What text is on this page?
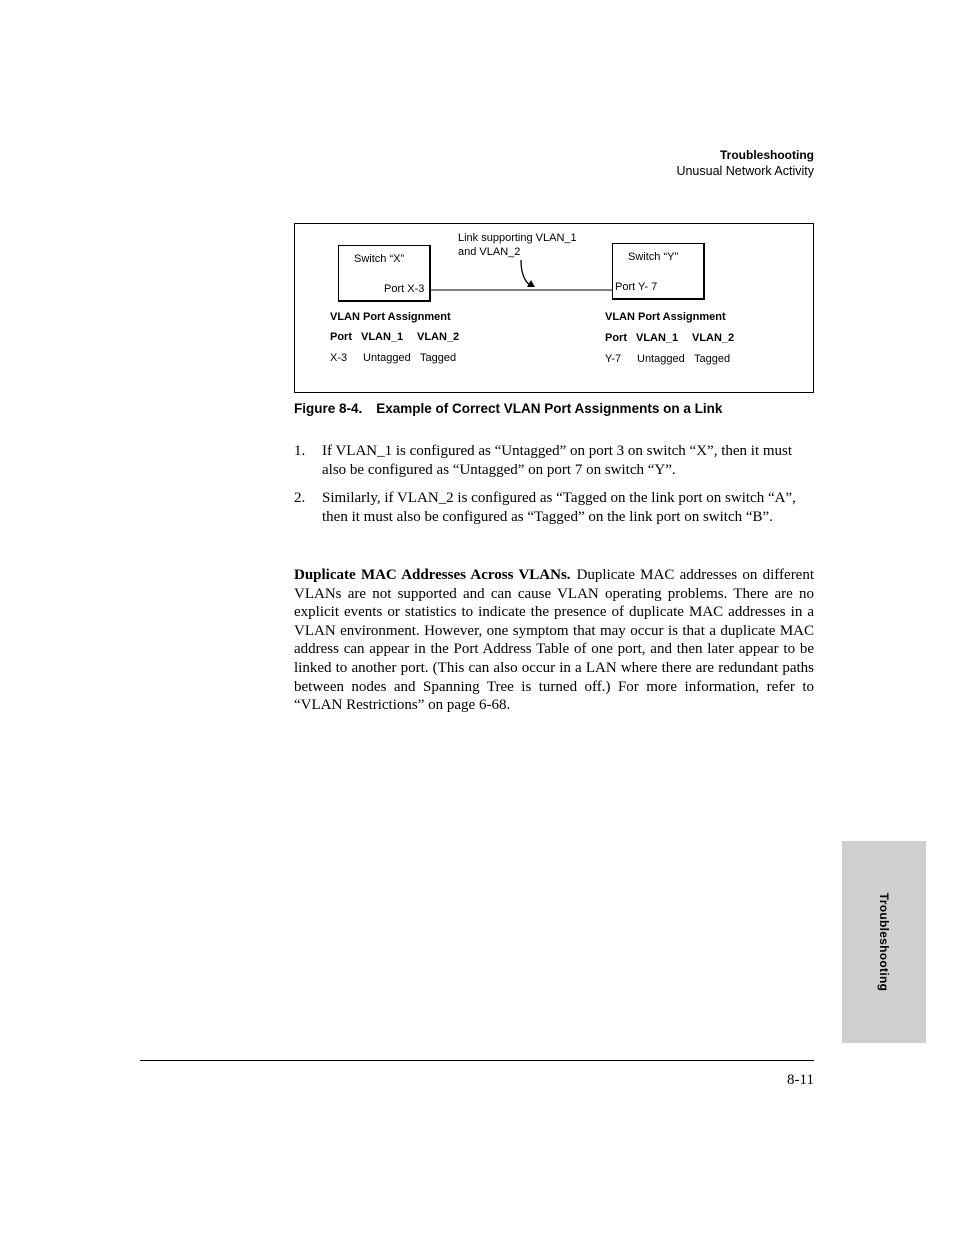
Troubleshooting
Unusual Network Activity
Switch “X”
Port X-3
Switch “Y”
Port Y- 7
Link supporting VLAN_1
and VLAN_2
VLAN Port Assignment
Port VLAN_1 VLAN_2
X-3 Untagged Tagged
VLAN Port Assignment
Port VLAN_1 VLAN_2
Y-7 Untagged Tagged
Figure 8-4. Example of Correct VLAN Port Assignments on a Link
1. If VLAN_1 is configured as “Untagged” on port 3 on switch “X”, then it must also be configured as “Untagged” on port 7 on switch “Y”.
2. Similarly, if VLAN_2 is configured as “Tagged on the link port on switch “A”, then it must also be configured as “Tagged” on the link port on switch “B”.
Duplicate MAC Addresses Across VLANs. Duplicate MAC addresses on different VLANs are not supported and can cause VLAN operating problems. There are no explicit events or statistics to indicate the presence of duplicate MAC addresses in a VLAN environment. However, one symptom that may occur is that a duplicate MAC address can appear in the Port Address Table of one port, and then later appear to be linked to another port. (This can also occur in a LAN where there are redundant paths between nodes and Spanning Tree is turned off.) For more information, refer to “VLAN Restrictions” on page 6-68.
Troubleshooting
8-11
